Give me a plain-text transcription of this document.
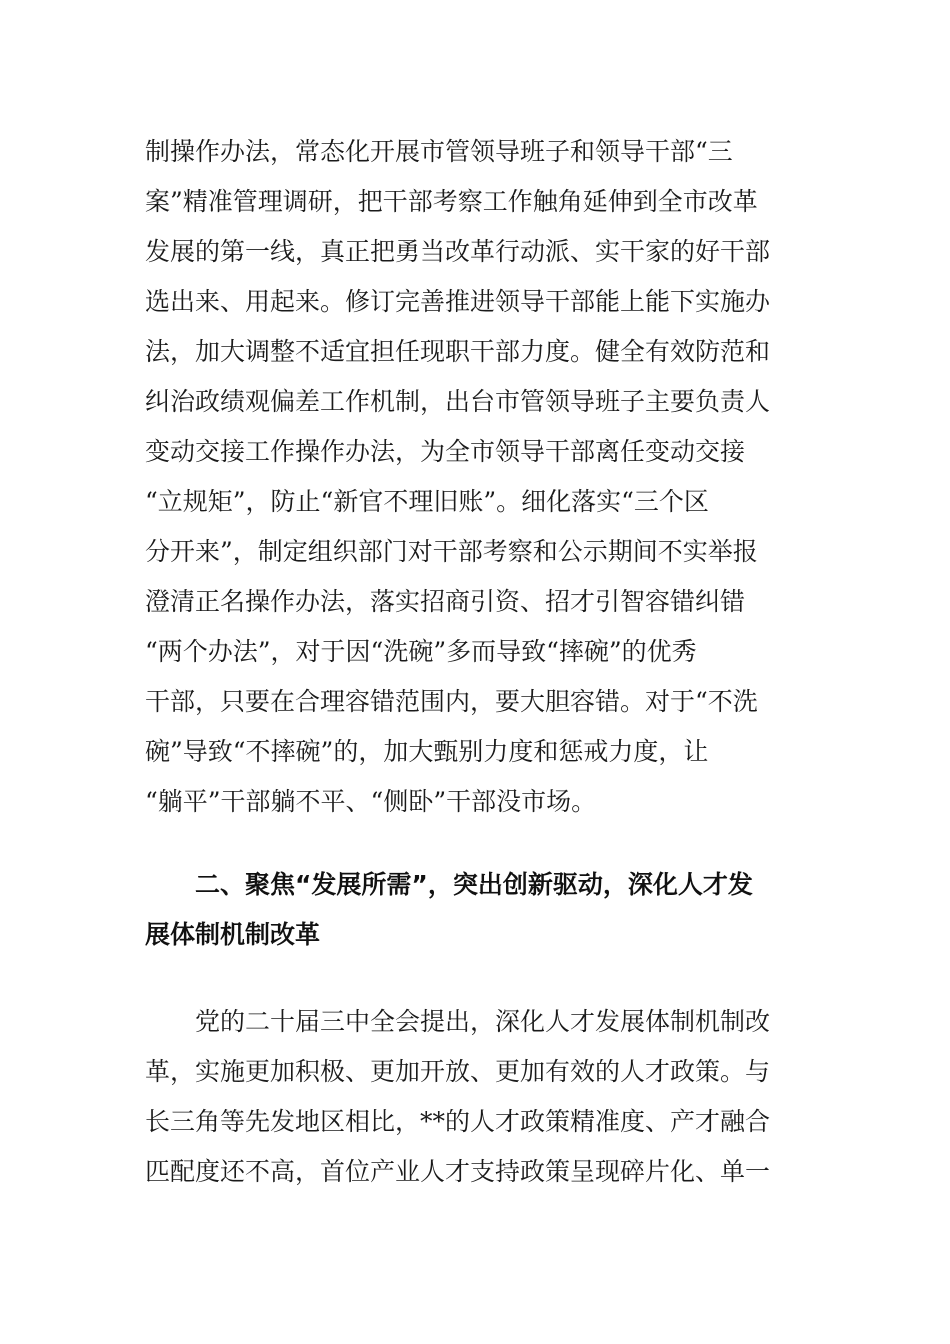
制操作办法，常态化开展市管领导班子和领导干部“三
案”精准管理调研，把干部考察工作触角延伸到全市改革
发展的第一线，真正把勇当改革行动派、实干家的好干部
选出来、用起来。修订完善推进领导干部能上能下实施办
法，加大调整不适宜担任现职干部力度。健全有效防范和
纠治政绩观偏差工作机制，出台市管领导班子主要负责人
变动交接工作操作办法，为全市领导干部离任变动交接
“立规矩”，防止“新官不理旧账”。细化落实“三个区
分开来”，制定组织部门对干部考察和公示期间不实举报
澄清正名操作办法，落实招商引资、招才引智容错纠错
“两个办法”，对于因“洗碗”多而导致“摔碗”的优秀
干部，只要在合理容错范围内，要大胆容错。对于“不洗
碗”导致“不摔碗”的，加大甄别力度和惩戒力度，让
“躺平”干部躺不平、“侧卧”干部没市场。
二、聚焦“发展所需”，突出创新驱动，深化人才发
展体制机制改革
党的二十届三中全会提出，深化人才发展体制机制改
革，实施更加积极、更加开放、更加有效的人才政策。与
长三角等先发地区相比，**的人才政策精准度、产才融合
匹配度还不高，首位产业人才支持政策呈现碎片化、单一
